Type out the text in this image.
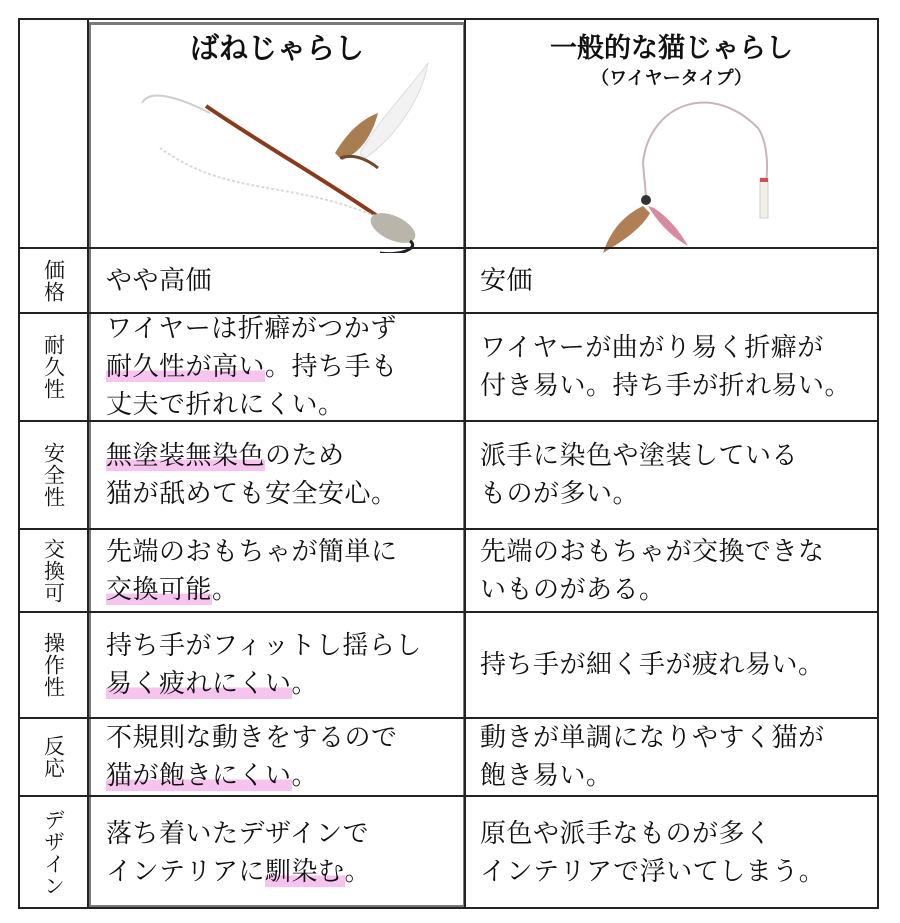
ばねじゃらし	一般的な猫じゃらし
（ワイヤータイプ）
価格 やや高価	安価
耐久性
ワイヤーは折癖がつかず
耐久性が高い。持ち手も
丈夫で折れにくい。
ワイヤーが曲がり易く折癖が
付き易い。持ち手が折れ易い。
安全性 無塗装無染色のため
猫が舐めても安全安心。
派手に染色や塗装している
ものが多い。
交換可 先端のおもちゃが簡単に
交換可能。
先端のおもちゃが交換できな
いものがある。
操作性 持ち手がフィットし揺らし
易く疲れにくい。
持ち手が細く手が疲れ易い。
反応 不規則な動きをするので
猫が飽きにくい。
動きが単調になりやすく猫が
飽き易い。
デザイン 落ち着いたデザインで
インテリアに馴染む。
原色や派手なものが多く
インテリアで浮いてしまう。
